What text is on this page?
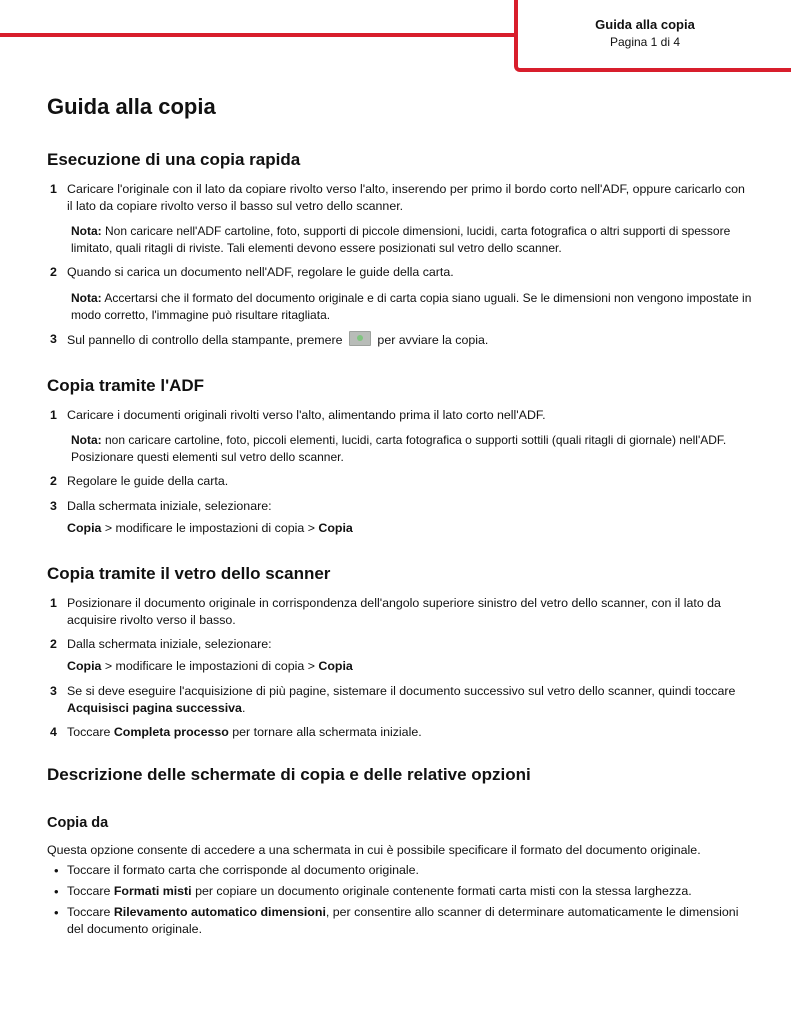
Guida alla copia
Pagina 1 di 4
Guida alla copia
Esecuzione di una copia rapida
1 Caricare l'originale con il lato da copiare rivolto verso l'alto, inserendo per primo il bordo corto nell'ADF, oppure caricarlo con il lato da copiare rivolto verso il basso sul vetro dello scanner.
Nota: Non caricare nell'ADF cartoline, foto, supporti di piccole dimensioni, lucidi, carta fotografica o altri supporti di spessore limitato, quali ritagli di riviste. Tali elementi devono essere posizionati sul vetro dello scanner.
2 Quando si carica un documento nell'ADF, regolare le guide della carta.
Nota: Accertarsi che il formato del documento originale e di carta copia siano uguali. Se le dimensioni non vengono impostate in modo corretto, l'immagine può risultare ritagliata.
3 Sul pannello di controllo della stampante, premere	per avviare la copia.
Copia tramite l'ADF
1 Caricare i documenti originali rivolti verso l'alto, alimentando prima il lato corto nell'ADF.
Nota: non caricare cartoline, foto, piccoli elementi, lucidi, carta fotografica o supporti sottili (quali ritagli di giornale) nell'ADF. Posizionare questi elementi sul vetro dello scanner.
2 Regolare le guide della carta.
3 Dalla schermata iniziale, selezionare:
Copia > modificare le impostazioni di copia > Copia
Copia tramite il vetro dello scanner
1 Posizionare il documento originale in corrispondenza dell'angolo superiore sinistro del vetro dello scanner, con il lato da acquisire rivolto verso il basso.
2 Dalla schermata iniziale, selezionare:
Copia > modificare le impostazioni di copia > Copia
3 Se si deve eseguire l'acquisizione di più pagine, sistemare il documento successivo sul vetro dello scanner, quindi toccare Acquisisci pagina successiva.
4 Toccare Completa processo per tornare alla schermata iniziale.
Descrizione delle schermate di copia e delle relative opzioni
Copia da
Questa opzione consente di accedere a una schermata in cui è possibile specificare il formato del documento originale.
• Toccare il formato carta che corrisponde al documento originale.
• Toccare Formati misti per copiare un documento originale contenente formati carta misti con la stessa larghezza.
• Toccare Rilevamento automatico dimensioni, per consentire allo scanner di determinare automaticamente le dimensioni del documento originale.
